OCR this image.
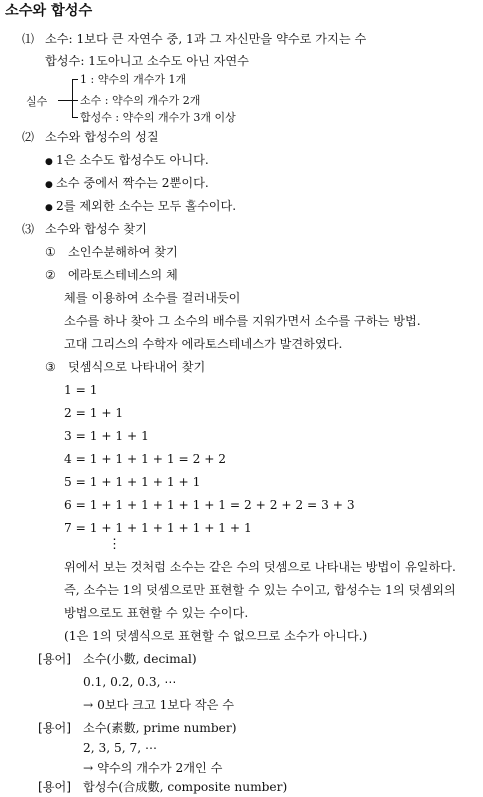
소수와 합성수
⑴ 소수: 1보다 큰 자연수 중, 1과 그 자신만을 약수로 가지는 수
합성수: 1도아니고 소수도 아닌 자연수
실수
1 : 약수의 개수가 1개
소수 : 약수의 개수가 2개
합성수 : 약수의 개수가 3개 이상
⑵ 소수와 합성수의 성질
● 1은 소수도 합성수도 아니다.
● 소수 중에서 짝수는 2뿐이다.
● 2를 제외한 소수는 모두 홀수이다.
⑶ 소수와 합성수 찾기
① 소인수분해하여 찾기
② 에라토스테네스의 체
체를 이용하여 소수를 걸러내듯이
소수를 하나 찾아 그 소수의 배수를 지워가면서 소수를 구하는 방법.
고대 그리스의 수학자 에라토스테네스가 발견하였다.
③ 덧셈식으로 나타내어 찾기
1 = 1
2 = 1 + 1
3 = 1 + 1 + 1
4 = 1 + 1 + 1 + 1 = 2 + 2
5 = 1 + 1 + 1 + 1 + 1
6 = 1 + 1 + 1 + 1 + 1 + 1 = 2 + 2 + 2 = 3 + 3
7 = 1 + 1 + 1 + 1 + 1 + 1 + 1
⋮
위에서 보는 것처럼 소수는 같은 수의 덧셈으로 나타내는 방법이 유일하다.
즉, 소수는 1의 덧셈으로만 표현할 수 있는 수이고, 합성수는 1의 덧셈외의
방법으로도 표현할 수 있는 수이다.
(1은 1의 덧셈식으로 표현할 수 없으므로 소수가 아니다.)
[용어] 소수(小數, decimal)
0.1, 0.2, 0.3, ⋯
→ 0보다 크고 1보다 작은 수
[용어] 소수(素數, prime number)
2, 3, 5, 7, ⋯
→ 약수의 개수가 2개인 수
[용어] 합성수(合成數, composite number)
